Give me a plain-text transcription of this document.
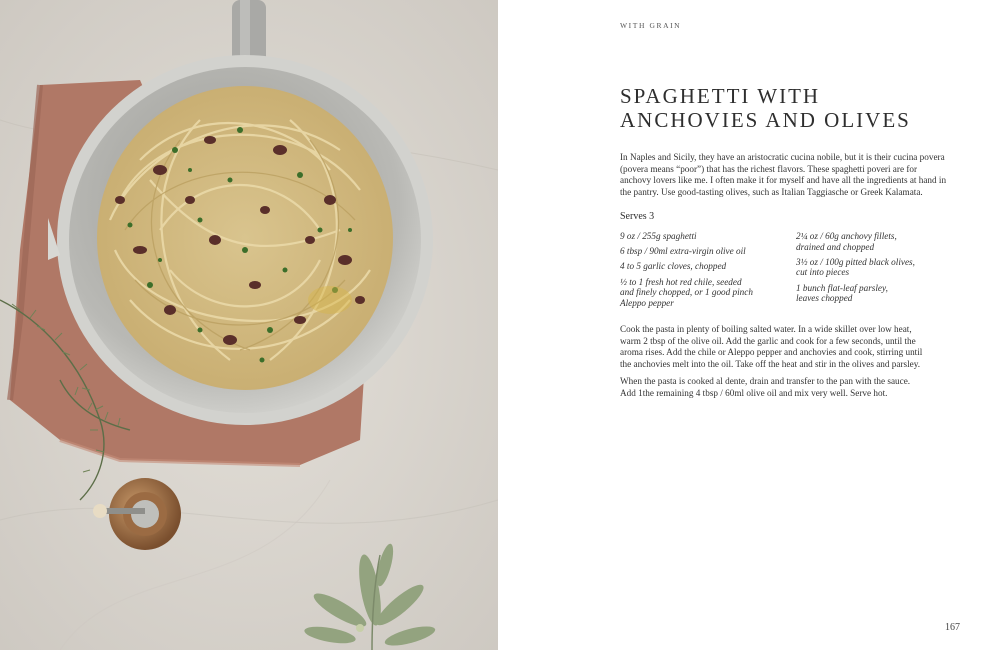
WITH GRAIN
SPAGHETTI WITH
ANCHOVIES AND OLIVES
In Naples and Sicily, they have an aristocratic cucina nobile, but it is their cucina povera
(povera means “poor”) that has the richest flavors. These spaghetti poveri are for
anchovy lovers like me. I often make it for myself and have all the ingredients at hand in
the pantry. Use good-tasting olives, such as Italian Taggiasche or Greek Kalamata.
Serves 3
9 oz / 255g spaghetti
6 tbsp / 90ml extra-virgin olive oil
4 to 5 garlic cloves, chopped
½ to 1 fresh hot red chile, seeded
and finely chopped, or 1 good pinch
Aleppo pepper
2¼ oz / 60g anchovy fillets,
drained and chopped
3½ oz / 100g pitted black olives,
cut into pieces
1 bunch flat-leaf parsley,
leaves chopped

Cook the pasta in plenty of boiling salted water. In a wide skillet over low heat,
warm 2 tbsp of the olive oil. Add the garlic and cook for a few seconds, until the
aroma rises. Add the chile or Aleppo pepper and anchovies and cook, stirring until
the anchovies melt into the oil. Take off the heat and stir in the olives and parsley.

When the pasta is cooked al dente, drain and transfer to the pan with the sauce.
Add 1the remaining 4 tbsp / 60ml olive oil and mix very well. Serve hot.

167
